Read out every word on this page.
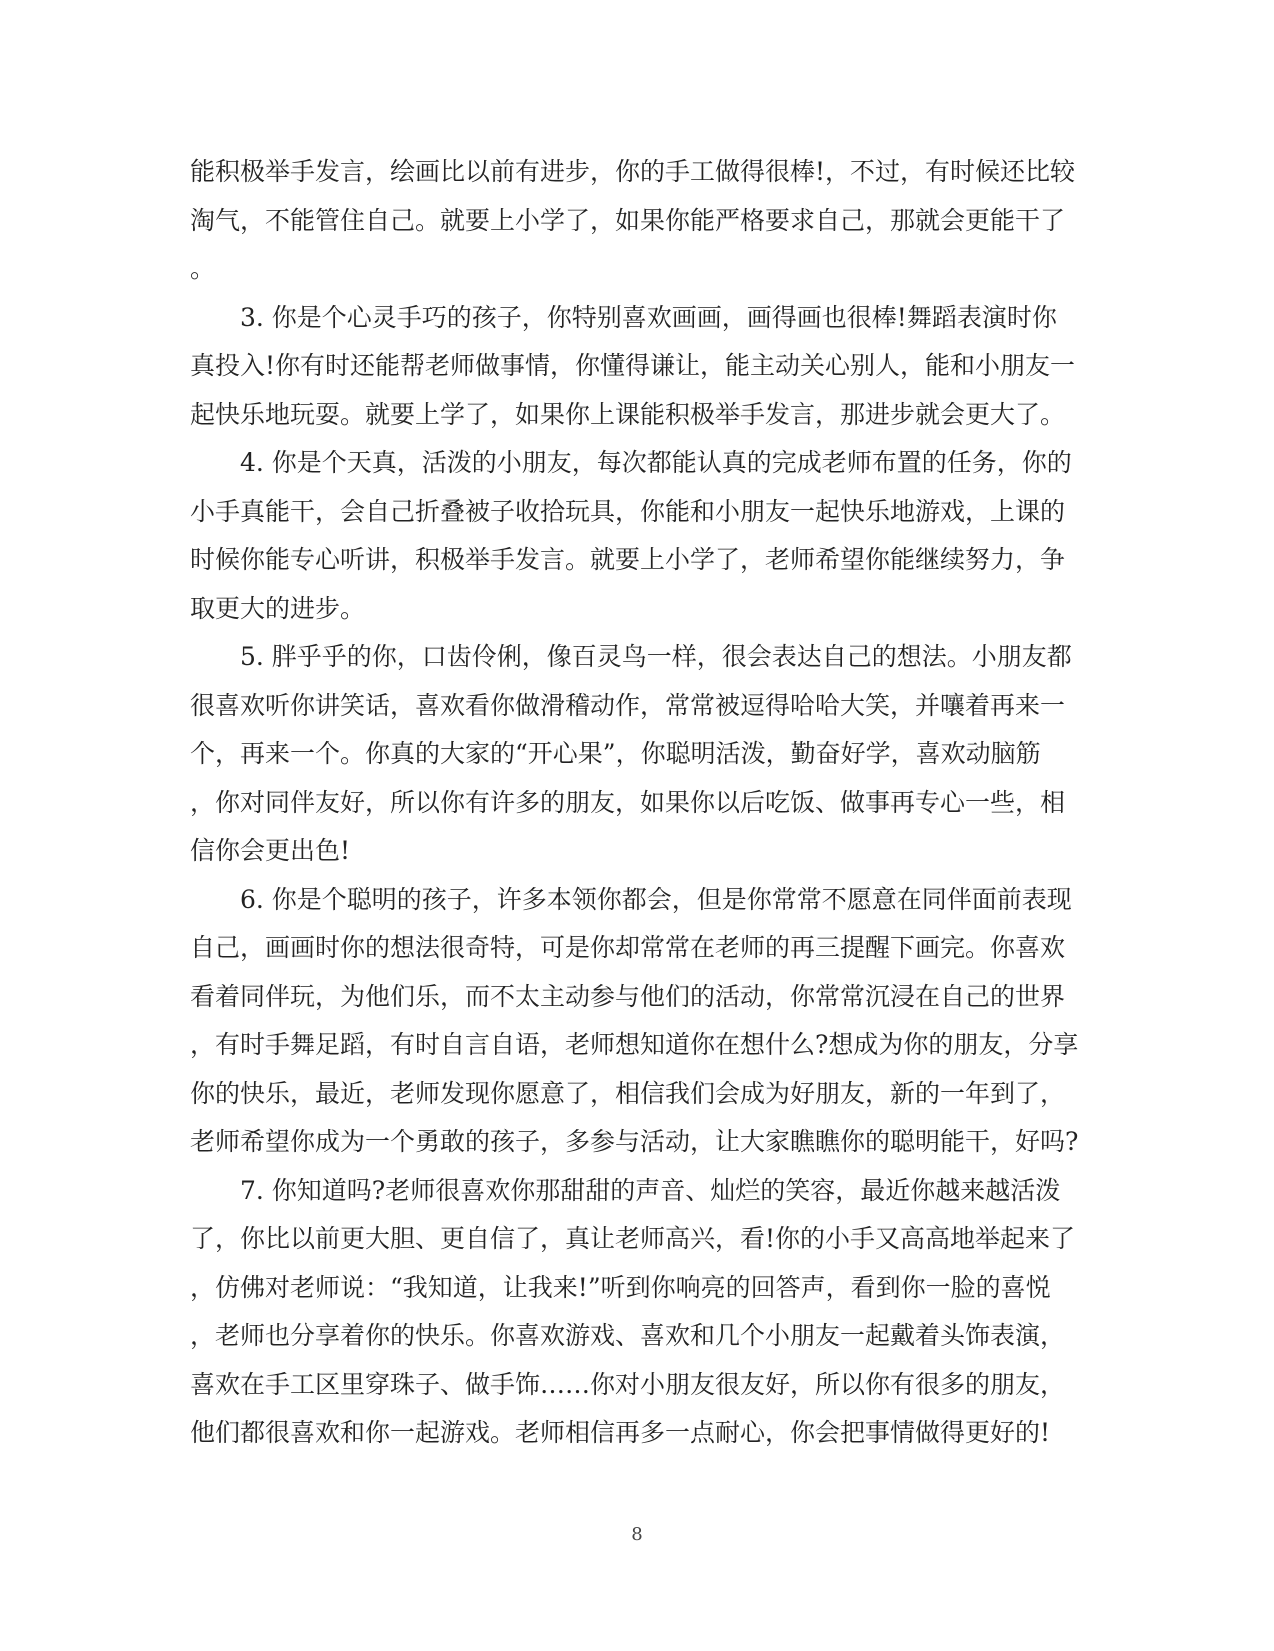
能积极举手发言，绘画比以前有进步，你的手工做得很棒!，不过，有时候还比较
淘气，不能管住自己。就要上小学了，如果你能严格要求自己，那就会更能干了
。
3. 你是个心灵手巧的孩子，你特别喜欢画画，画得画也很棒!舞蹈表演时你
真投入!你有时还能帮老师做事情，你懂得谦让，能主动关心别人，能和小朋友一
起快乐地玩耍。就要上学了，如果你上课能积极举手发言，那进步就会更大了。
4. 你是个天真，活泼的小朋友，每次都能认真的完成老师布置的任务，你的
小手真能干，会自己折叠被子收拾玩具，你能和小朋友一起快乐地游戏，上课的
时候你能专心听讲，积极举手发言。就要上小学了，老师希望你能继续努力，争
取更大的进步。
5. 胖乎乎的你，口齿伶俐，像百灵鸟一样，很会表达自己的想法。小朋友都
很喜欢听你讲笑话，喜欢看你做滑稽动作，常常被逗得哈哈大笑，并嚷着再来一
个，再来一个。你真的大家的“开心果”，你聪明活泼，勤奋好学，喜欢动脑筋
，你对同伴友好，所以你有许多的朋友，如果你以后吃饭、做事再专心一些，相
信你会更出色!
6. 你是个聪明的孩子，许多本领你都会，但是你常常不愿意在同伴面前表现
自己，画画时你的想法很奇特，可是你却常常在老师的再三提醒下画完。你喜欢
看着同伴玩，为他们乐，而不太主动参与他们的活动，你常常沉浸在自己的世界
，有时手舞足蹈，有时自言自语，老师想知道你在想什么?想成为你的朋友，分享
你的快乐，最近，老师发现你愿意了，相信我们会成为好朋友，新的一年到了，
老师希望你成为一个勇敢的孩子，多参与活动，让大家瞧瞧你的聪明能干，好吗?
7. 你知道吗?老师很喜欢你那甜甜的声音、灿烂的笑容，最近你越来越活泼
了，你比以前更大胆、更自信了，真让老师高兴，看!你的小手又高高地举起来了
，仿佛对老师说：“我知道，让我来!”听到你响亮的回答声，看到你一脸的喜悦
，老师也分享着你的快乐。你喜欢游戏、喜欢和几个小朋友一起戴着头饰表演，
喜欢在手工区里穿珠子、做手饰……你对小朋友很友好，所以你有很多的朋友，
他们都很喜欢和你一起游戏。老师相信再多一点耐心，你会把事情做得更好的!
8
